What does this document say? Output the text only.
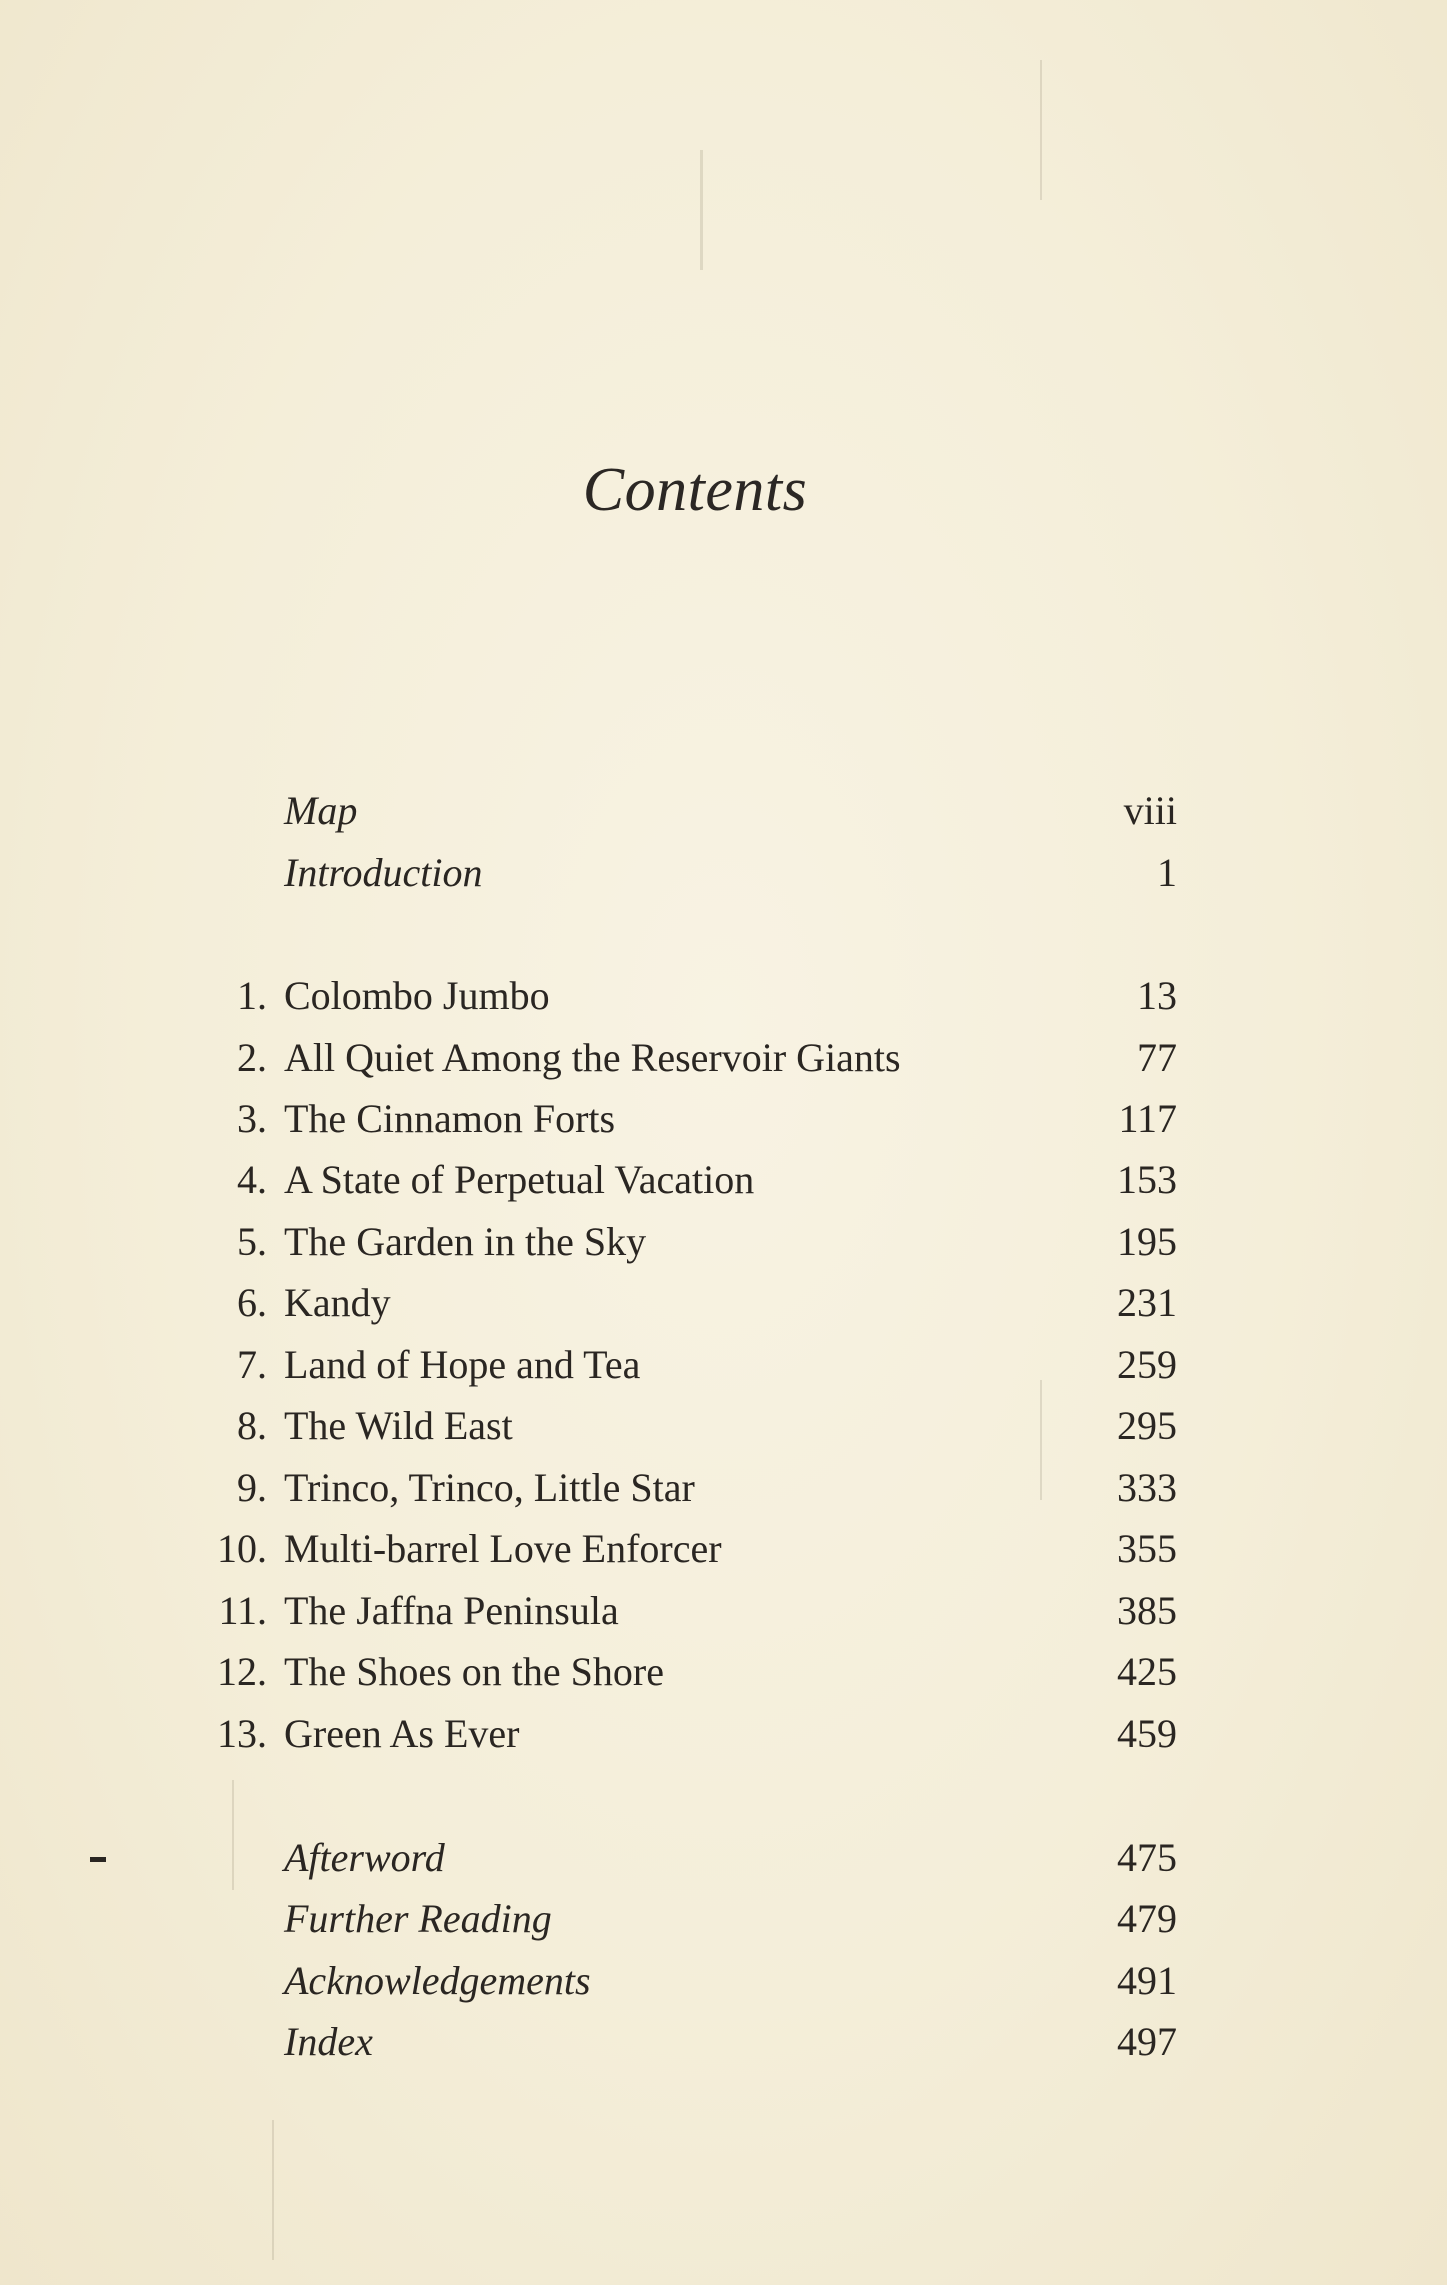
Contents
Map	viii
Introduction	1
1. Colombo Jumbo	13
2. All Quiet Among the Reservoir Giants	77
3. The Cinnamon Forts	117
4. A State of Perpetual Vacation	153
5. The Garden in the Sky	195
6. Kandy	231
7. Land of Hope and Tea	259
8. The Wild East	295
9. Trinco, Trinco, Little Star	333
10. Multi-barrel Love Enforcer	355
11. The Jaffna Peninsula	385
12. The Shoes on the Shore	425
13. Green As Ever	459
Afterword	475
Further Reading	479
Acknowledgements	491
Index	497
